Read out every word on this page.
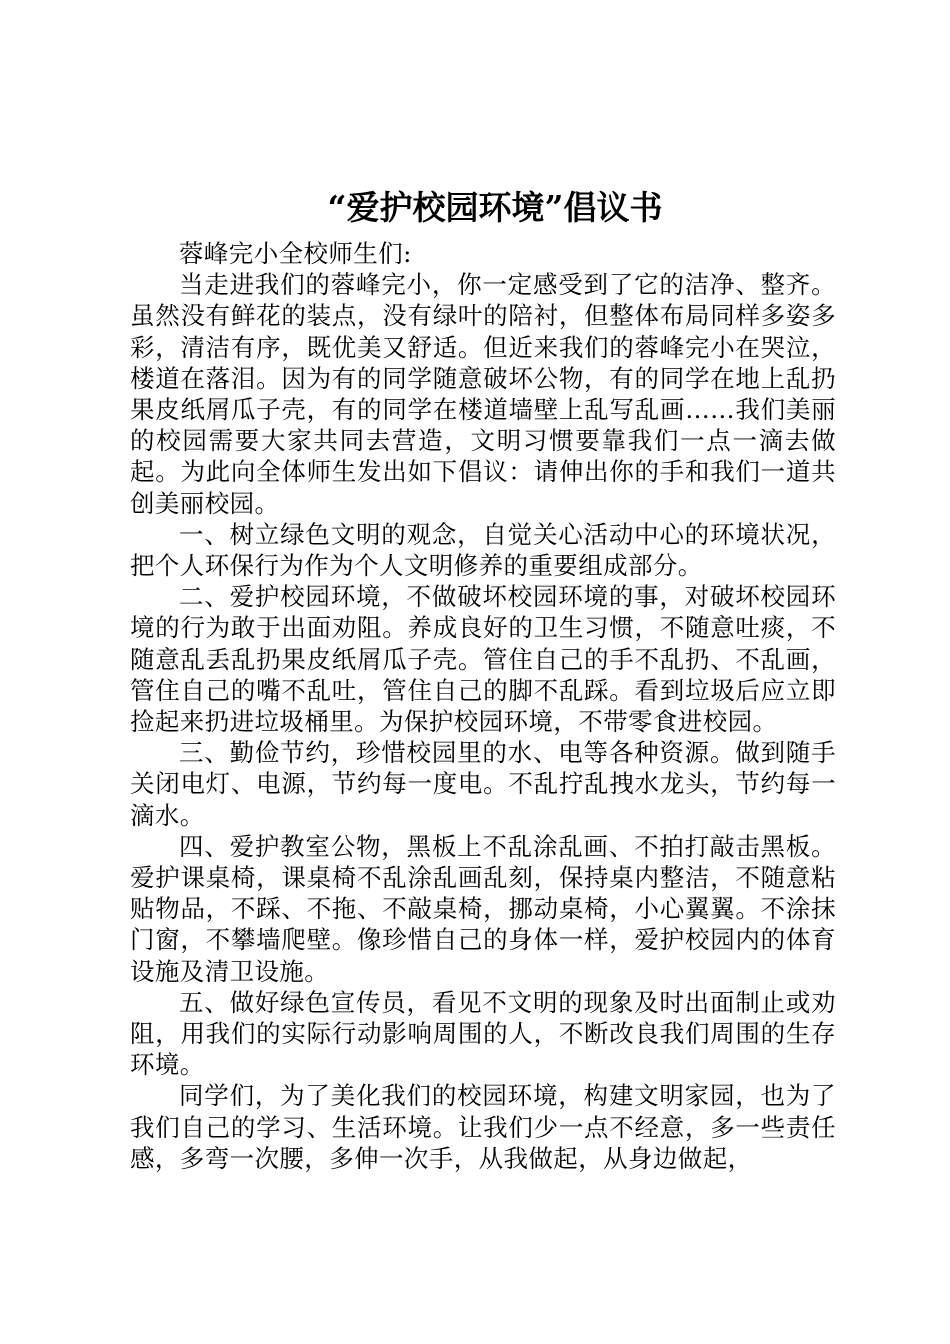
“爱护校园环境”倡议书

蓉峰完小全校师生们:

当走进我们的蓉峰完小，你一定感受到了它的洁净、整齐。虽然没有鲜花的装点，没有绿叶的陪衬，但整体布局同样多姿多彩，清洁有序，既优美又舒适。但近来我们的蓉峰完小在哭泣，楼道在落泪。因为有的同学随意破坏公物，有的同学在地上乱扔果皮纸屑瓜子壳，有的同学在楼道墙壁上乱写乱画……我们美丽的校园需要大家共同去营造，文明习惯要靠我们一点一滴去做起。为此向全体师生发出如下倡议：请伸出你的手和我们一道共创美丽校园。

一、树立绿色文明的观念，自觉关心活动中心的环境状况，把个人环保行为作为个人文明修养的重要组成部分。

二、爱护校园环境，不做破坏校园环境的事，对破坏校园环境的行为敢于出面劝阻。养成良好的卫生习惯，不随意吐痰，不随意乱丢乱扔果皮纸屑瓜子壳。管住自己的手不乱扔、不乱画，管住自己的嘴不乱吐，管住自己的脚不乱踩。看到垃圾后应立即捡起来扔进垃圾桶里。为保护校园环境，不带零食进校园。

三、勤俭节约，珍惜校园里的水、电等各种资源。做到随手关闭电灯、电源，节约每一度电。不乱拧乱拽水龙头，节约每一滴水。

四、爱护教室公物，黑板上不乱涂乱画、不拍打敲击黑板。爱护课桌椅，课桌椅不乱涂乱画乱刻，保持桌内整洁，不随意粘贴物品，不踩、不拖、不敲桌椅，挪动桌椅，小心翼翼。不涂抹门窗，不攀墙爬壁。像珍惜自己的身体一样，爱护校园内的体育设施及清卫设施。

五、做好绿色宣传员，看见不文明的现象及时出面制止或劝阻，用我们的实际行动影响周围的人，不断改良我们周围的生存环境。

同学们，为了美化我们的校园环境，构建文明家园，也为了我们自己的学习、生活环境。让我们少一点不经意，多一些责任感，多弯一次腰，多伸一次手，从我做起，从身边做起，
